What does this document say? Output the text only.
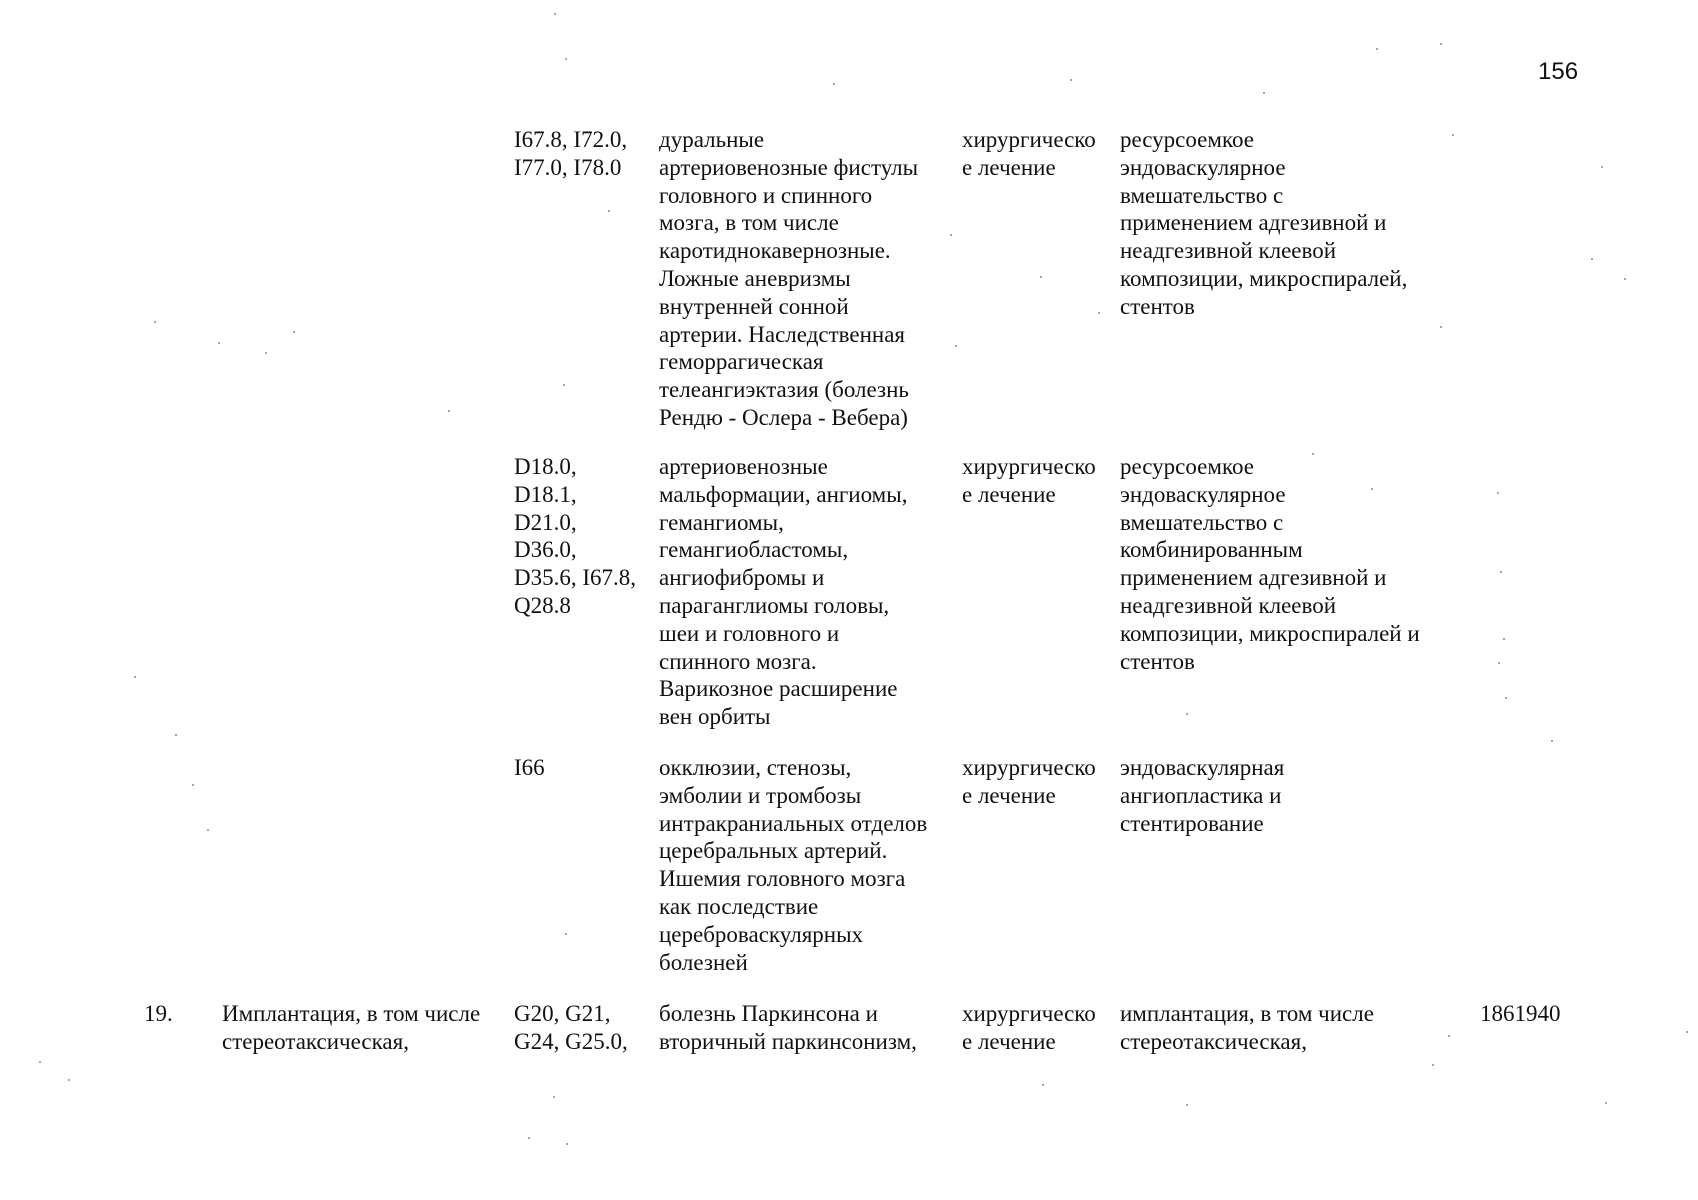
156
I67.8, I72.0,
I77.0, I78.0
дуральные
артериовенозные фистулы
головного и спинного
мозга, в том числе
каротиднокавернозные.
Ложные аневризмы
внутренней сонной
артерии. Наследственная
геморрагическая
телеангиэктазия (болезнь
Рендю - Ослера - Вебера)
хирургическо
е лечение
ресурсоемкое
эндоваскулярное
вмешательство с
применением адгезивной и
неадгезивной клеевой
композиции, микроспиралей,
стентов
D18.0,
D18.1,
D21.0,
D36.0,
D35.6, I67.8,
Q28.8
артериовенозные
мальформации, ангиомы,
гемангиомы,
гемангиобластомы,
ангиофибромы и
параганглиомы головы,
шеи и головного и
спинного мозга.
Варикозное расширение
вен орбиты
хирургическо
е лечение
ресурсоемкое
эндоваскулярное
вмешательство с
комбинированным
применением адгезивной и
неадгезивной клеевой
композиции, микроспиралей и
стентов
I66	окклюзии, стенозы,
эмболии и тромбозы
интракраниальных отделов
церебральных артерий.
Ишемия головного мозга
как последствие
цереброваскулярных
болезней
хирургическо
е лечение
эндоваскулярная
ангиопластика и
стентирование
19.	Имплантация, в том числе
стереотаксическая,
G20, G21,
G24, G25.0,
болезнь Паркинсона и
вторичный паркинсонизм,
хирургическо
е лечение
имплантация, в том числе
стереотаксическая,
1861940
